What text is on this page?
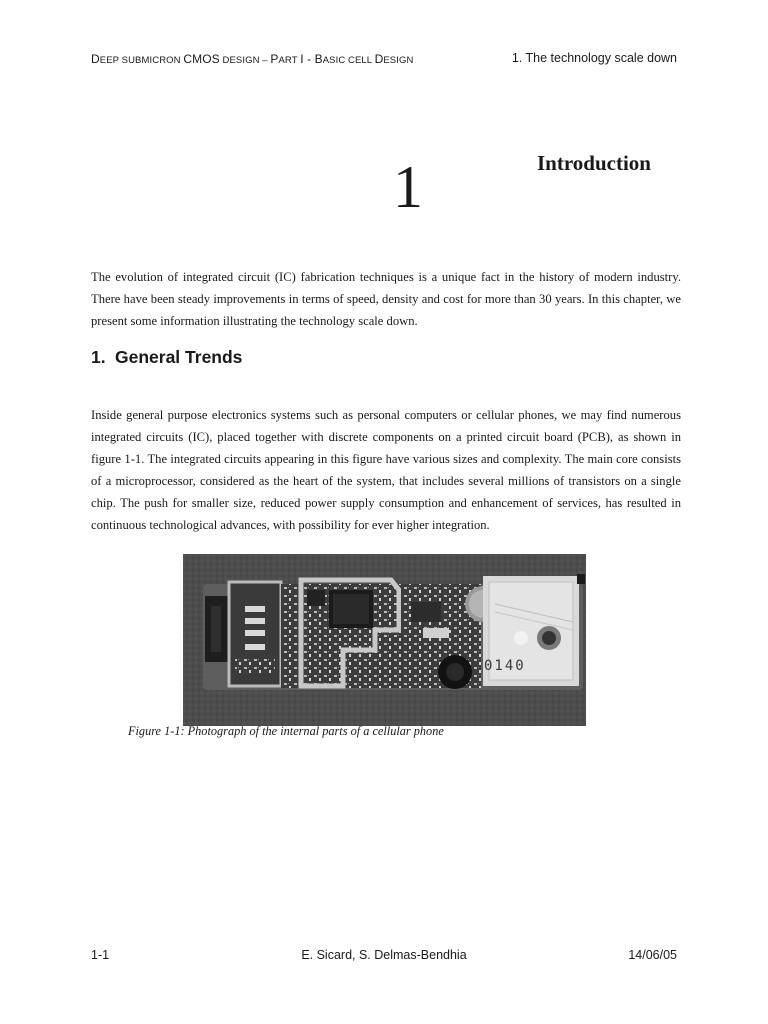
DEEP SUBMICRON CMOS DESIGN – PART I - BASIC CELL DESIGN	1. The technology scale down
1	Introduction
The evolution of integrated circuit (IC) fabrication techniques is a unique fact in the history of modern industry. There have been steady improvements in terms of speed, density and cost for more than 30 years. In this chapter, we present some information illustrating the technology scale down.
1. General Trends
Inside general purpose electronics systems such as personal computers or cellular phones, we may find numerous integrated circuits (IC), placed together with discrete components on a printed circuit board (PCB), as shown in figure 1-1. The integrated circuits appearing in this figure have various sizes and complexity. The main core consists of a microprocessor, considered as the heart of the system, that includes several millions of transistors on a single chip. The push for smaller size, reduced power supply consumption and enhancement of services, has resulted in continuous technological advances, with possibility for ever higher integration.
0140
Figure 1-1: Photograph of the internal parts of a cellular phone
1-1	E. Sicard, S. Delmas-Bendhia	14/06/05
